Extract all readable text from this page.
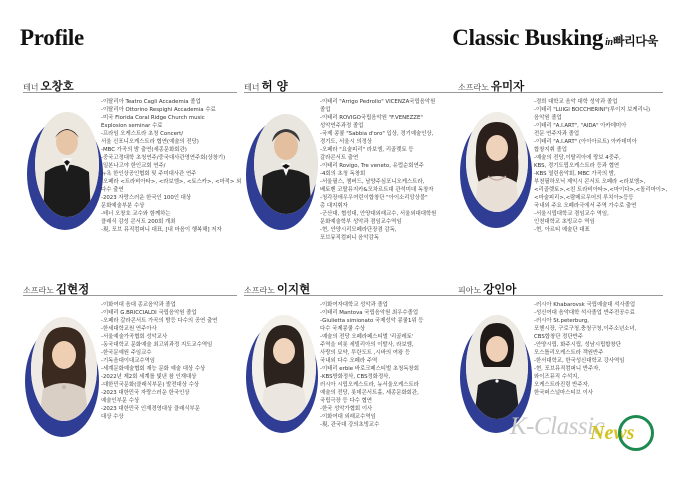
Profile	Classic Busking in빠리다욱
테너 오창호
-이탈리아 Teatro Cagli Accademia 졸업
-이탈리아 Ottorino Respighi Accademia 수료
-미국 Florida Coral Ridge Church music
Explosion seminar 수료
-프라임 오케스트라 초청 Concert/
서울 신포니오케스트라 협연(예술의 전당)
-MBC 가곡의 밤 출연(세종문화회관)
-중국고정대학 초청연주/중국대사관영연주회(상창기)
-일본나고야 한인교회 연주/
뉴욕 한인상공인협회 및 주미대사관 연주
-오페라 <트라비아타>, <라보엠>, <토스카>, <마적> 외
다수 출연
-2023 자랑스러운 한국인 100인 대상
문화예술부분 수상
-테너 오창호 교수와 함께하는
클래식 감성 콘서트 200회 개최
-現, 포브 뮤직컴퍼니 대표, [내 마음이 행복해] 저자
테너 허 양
-이태리 "Arrigo Pedrollo" VICENZA국립음악원
졸업
-이태리 ROVIGO국립음악원 "F.VENEZZE"
성악연주과정 졸업
-국제 콩쿨 "Sabbia d'oro" 입상, 경기예술인상,
경기도, 서울시 의정상
-오페라 "요술피리" 라보엠, 리골렛토 등
갈라콘서트 출연
-이태리 Rovigo, Tre veneto, 유럽순회연주
-4회의 초청 독창회
-서울필스, 챔버드, 남양주심포니오케스트라,
베토벤 코랄뮤지카&모차르트대 관석미대 독창자
-청각장애우우여린이합창단 "아이소리앙상블"
총 대지휘자
-군산대, 협성대, 안양대외래교수, 서울외대대학원
문화예술학부 성악과 겸임교수역임
-현, 안양시리모페라단장겸 감독,
포브뮤직컴퍼니 음악감독
소프라노 유미자
-경희 대학교 음악 대학 성악과 졸업
-이태리 "LUIGI BOCCHERINI"(루이지 보케리니)
음악원 졸업
-이태리 "A.I.ART", "AIDA" 아카데미아
전문 연주자과 졸업
-이태리 "A.I.ART" (아이아르트) 아카데미아
합창지휘 졸업
-예술의 전당,이탈리아에 랑보 4중주,
KBS, 경기도립오케스트라 등과 협연
-KBS 열린음악회, MBC 가곡의 밤,
부천필하모닉 제익시 콘서트 오페라 <라보엠>,
<리골렛토>,<친 트라비아타>,<마이다>,<돌리마이>,
<마술피리>,<람메르무어의 루치아>등등
국내외 주요 오페라극에서 주역 가수로 출연
-서울시립대학교 겸임교수 역임,
인천대학교 초빙교수 역임
-현, 아르티 예술단 대표
소프라노 김현정
-이화여대 음대 종교음악과 졸업
-이태리 G.BRICCIALDI 국립음악원 졸업
-오페라 갈라콘서트 가곡의 밤등 다수의 공연 출연
-한세대학교원 연주아사
-서울예술가곡협회 성악교사
-동국대학교 문화예술 최고위과정 지도교수역임
-한국문예원 주임교수
-기독음대이대교수역임
-세계문화예술협회 재능 문화 예술 대상 수상
-2022년 제2회 세계를 빛낸 참 인재대상
-대한민국문화(클래식부문) 발전대상 수상
-2023 대한민국 자랑스러운 한국인상
예술인부문 수상
-2023 대한민국 인재경영대상 클래식부문
대상 수상
소프라노 이지현
-이화여자대학교 성악과 졸업
-이태리 Mantova 국립음악원 최우수졸업
-Giulietta simionato 국제성악 콩쿨1위 등
다수 국제콩쿨 수상
-예술의 전당 오페라페스티벌 '리골레토'
주역을 비롯 세빌리아의 이발사, 라보엠,
사랑의 묘약, 투란도트 ,시바의 여왕 등
국내외 다수 오페라 주역
-이태리 erbie 바로크페스티벌 초청독창회
-KBS방화정삭, CBS정화정삭,
러시아 시립오케스트라, 뉴서울오케스트라
예술의 전당, 롯데콘서트홀, 세종문화회관,
국립극장 등 다수 협연
-한국 성악가협회 이사
-이화여대 외래교수역임
-現, 관국대 강의초빙교수
피아노 강인아
-러시아 Khabarovsk 국립예술대 석사졸업
-성신여대 음악대학 석사졸업 반주전공수료
-러시아 St.peterburg,
포헨시장, 구로구청,충청구청,이주소년소녀,
CBS합창단 정단반주
-안양시립, 화주시립, 성남시립합창단
모스틀리오케스트라 객원반주
-한서대학교, 한국성신대학교 강사역임
-현, 포브뮤직컴퍼니 반주자,
와이즈뮤직 수석지,
오케스트라진링 반주자,
한국퍼스널마스티브 이사
K-Classic
News
